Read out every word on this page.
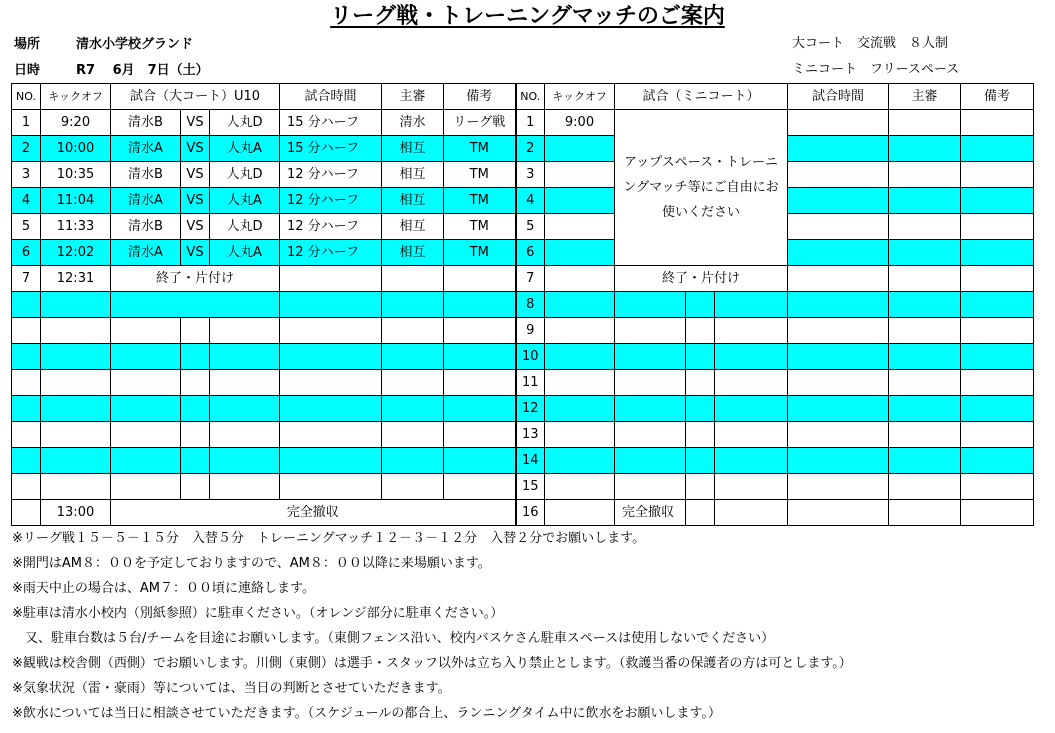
リーグ戦・トレーニングマッチのご案内
場所	清水小学校グランド
日時	R7　 6月　7日（土）
大コート　交流戦　８人制
ミニコート　フリースペース
NO.	キックオフ	試合（大コート）U10			試合時間	主審	備考	NO.	キックオフ	試合（ミニコート）			試合時間	主審	備考
1	9:20	清水B	VS	人丸D	15 分ハーフ	清水	リーグ戦	1	9:00	アップスペース・トレーニングマッチ等にご自由にお使いください					
2	10:00	清水A	VS	人丸A	15 分ハーフ	相互	TM	2							
3	10:35	清水B	VS	人丸D	12 分ハーフ	相互	TM	3							
4	11:04	清水A	VS	人丸A	12 分ハーフ	相互	TM	4							
5	11:33	清水B	VS	人丸D	12 分ハーフ	相互	TM	5							
6	12:02	清水A	VS	人丸A	12 分ハーフ	相互	TM	6							
7	12:31	終了・片付け						7		終了・片付け					
								8							
								9							
								10							
								11							
								12							
								13							
								14							
								15							
	13:00	完全撤収						16		完全撤収					
※リーグ戦１５－５－１５分　入替５分　トレーニングマッチ１２－３－１２分　入替２分でお願いします。
※開門はAM８：００を予定しておりますので、AM８：００以降に来場願います。
※雨天中止の場合は、AM７：００頃に連絡します。
※駐車は清水小校内（別紙参照）に駐車ください。（オレンジ部分に駐車ください。）
　又、駐車台数は５台/チームを目途にお願いします。（東側フェンス沿い、校内バスケさん駐車スペースは使用しないでください）
※観戦は校舎側（西側）でお願いします。川側（東側）は選手・スタッフ以外は立ち入り禁止とします。（救護当番の保護者の方は可とします。）
※気象状況（雷・豪雨）等については、当日の判断とさせていただきます。
※飲水については当日に相談させていただきます。（スケジュールの都合上、ランニングタイム中に飲水をお願いします。）
